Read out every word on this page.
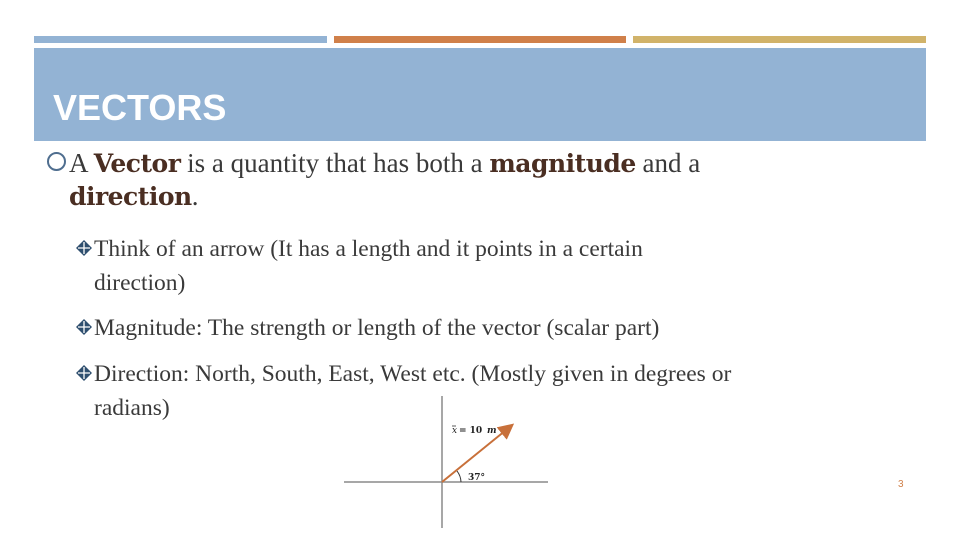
VECTORS
A Vector is a quantity that has both a magnitude and a
direction.
Think of an arrow (It has a length and it points in a certain
direction)
Magnitude: The strength or length of the vector (scalar part)
Direction: North, South, East, West etc. (Mostly given in degrees or
radians)
x = 10 m
37°
3
